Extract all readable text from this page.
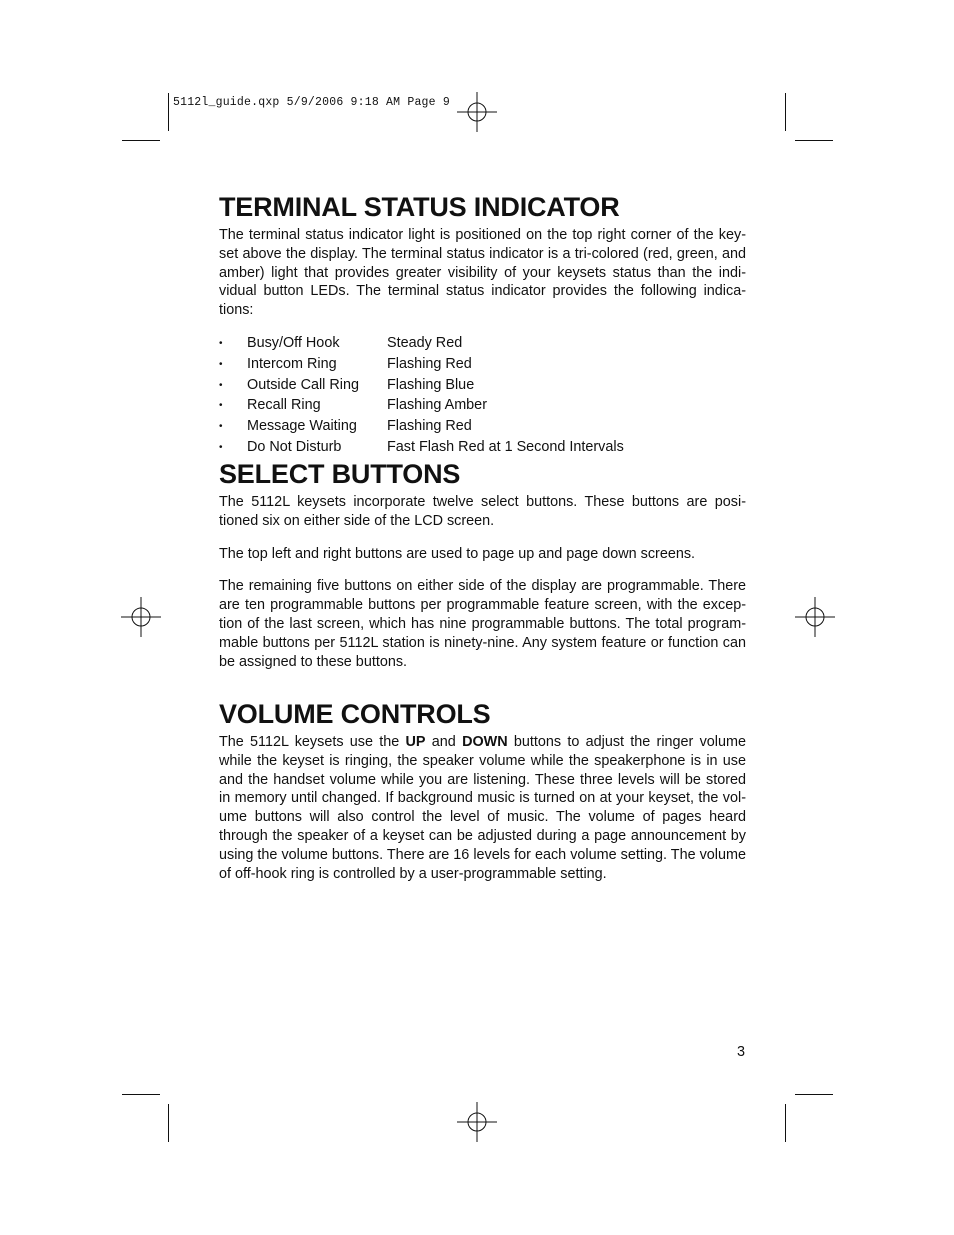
5112l_guide.qxp 5/9/2006 9:18 AM Page 9
TERMINAL STATUS INDICATOR

The terminal status indicator light is positioned on the top right corner of the key-set above the display. The terminal status indicator is a tri-colored (red, green, and amber) light that provides greater visibility of your keysets status than the indi-vidual button LEDs. The terminal status indicator provides the following indica-tions:

•
Busy/Off Hook	Steady Red
•
Intercom Ring	Flashing Red
•
Outside Call Ring	Flashing Blue
•
Recall Ring	Flashing Amber
•
Message Waiting	Flashing Red
•
Do Not Disturb	Fast Flash Red at 1 Second Intervals
SELECT BUTTONS

The 5112L keysets incorporate twelve select buttons. These buttons are posi-tioned six on either side of the LCD screen.

The top left and right buttons are used to page up and page down screens.

The remaining five buttons on either side of the display are programmable. There are ten programmable buttons per programmable feature screen, with the excep-tion of the last screen, which has nine programmable buttons. The total program-mable buttons per 5112L station is ninety-nine. Any system feature or function can be assigned to these buttons.

VOLUME CONTROLS

The 5112L keysets use the UP and DOWN buttons to adjust the ringer volume while the keyset is ringing, the speaker volume while the speakerphone is in use and the handset volume while you are listening. These three levels will be stored in memory until changed. If background music is turned on at your keyset, the vol-ume buttons will also control the level of music. The volume of pages heard through the speaker of a keyset can be adjusted during a page announcement by using the volume buttons. There are 16 levels for each volume setting. The volume of off-hook ring is controlled by a user-programmable setting.

3
